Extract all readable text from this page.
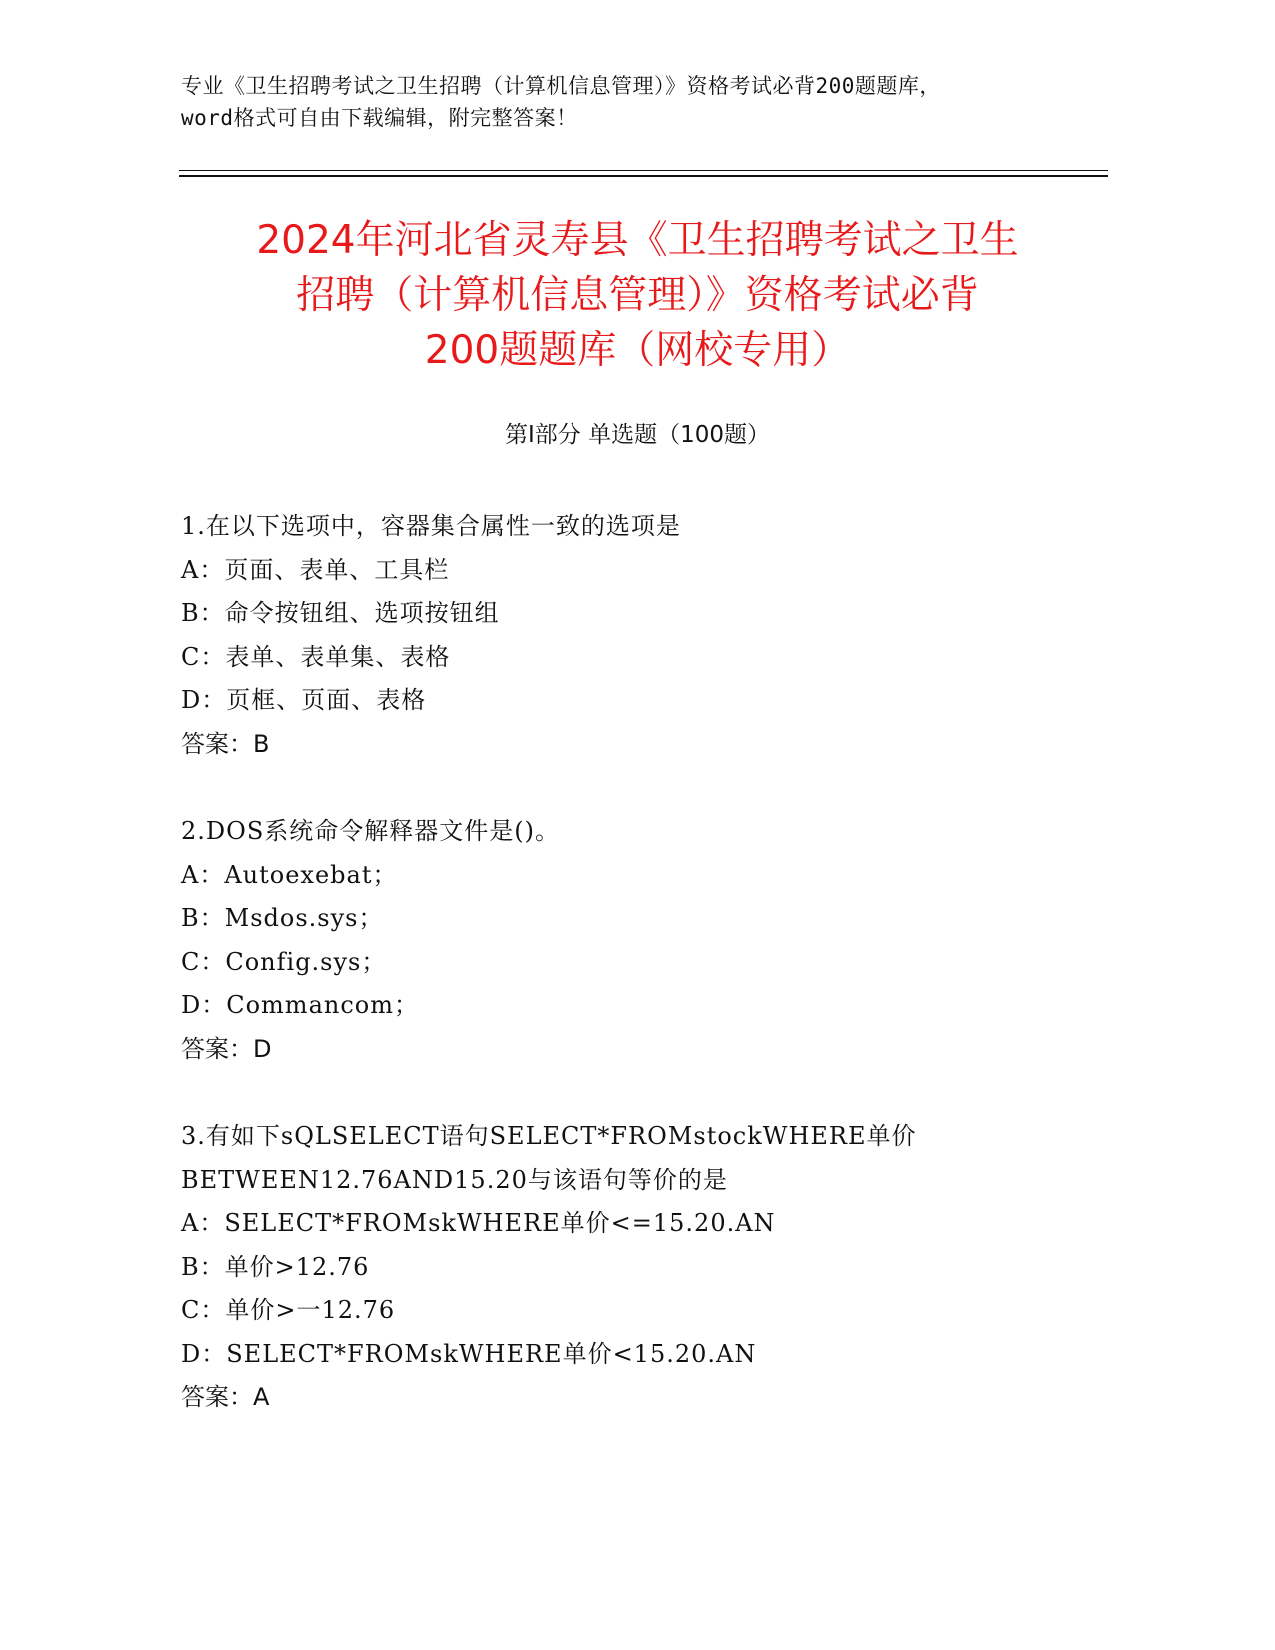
专业《卫生招聘考试之卫生招聘（计算机信息管理）》资格考试必背200题题库，
word格式可自由下载编辑，附完整答案！
2024年河北省灵寿县《卫生招聘考试之卫生
招聘（计算机信息管理）》资格考试必背
200题题库（网校专用）
第Ⅰ部分 单选题（100题）
1.在以下选项中，容器集合属性一致的选项是
A：页面、表单、工具栏
B：命令按钮组、选项按钮组
C：表单、表单集、表格
D：页框、页面、表格
答案：B
2.DOS系统命令解释器文件是()。
A：Autoexebat；
B：Msdos.sys；
C：Config.sys；
D：Commancom；
答案：D
3.有如下sQLSELECT语句SELECT*FROMstockWHERE单价
BETWEEN12.76AND15.20与该语句等价的是
A：SELECT*FROMskWHERE单价<=15.20.AN
B：单价>12.76
C：单价>一12.76
D：SELECT*FROMskWHERE单价<15.20.AN
答案：A
